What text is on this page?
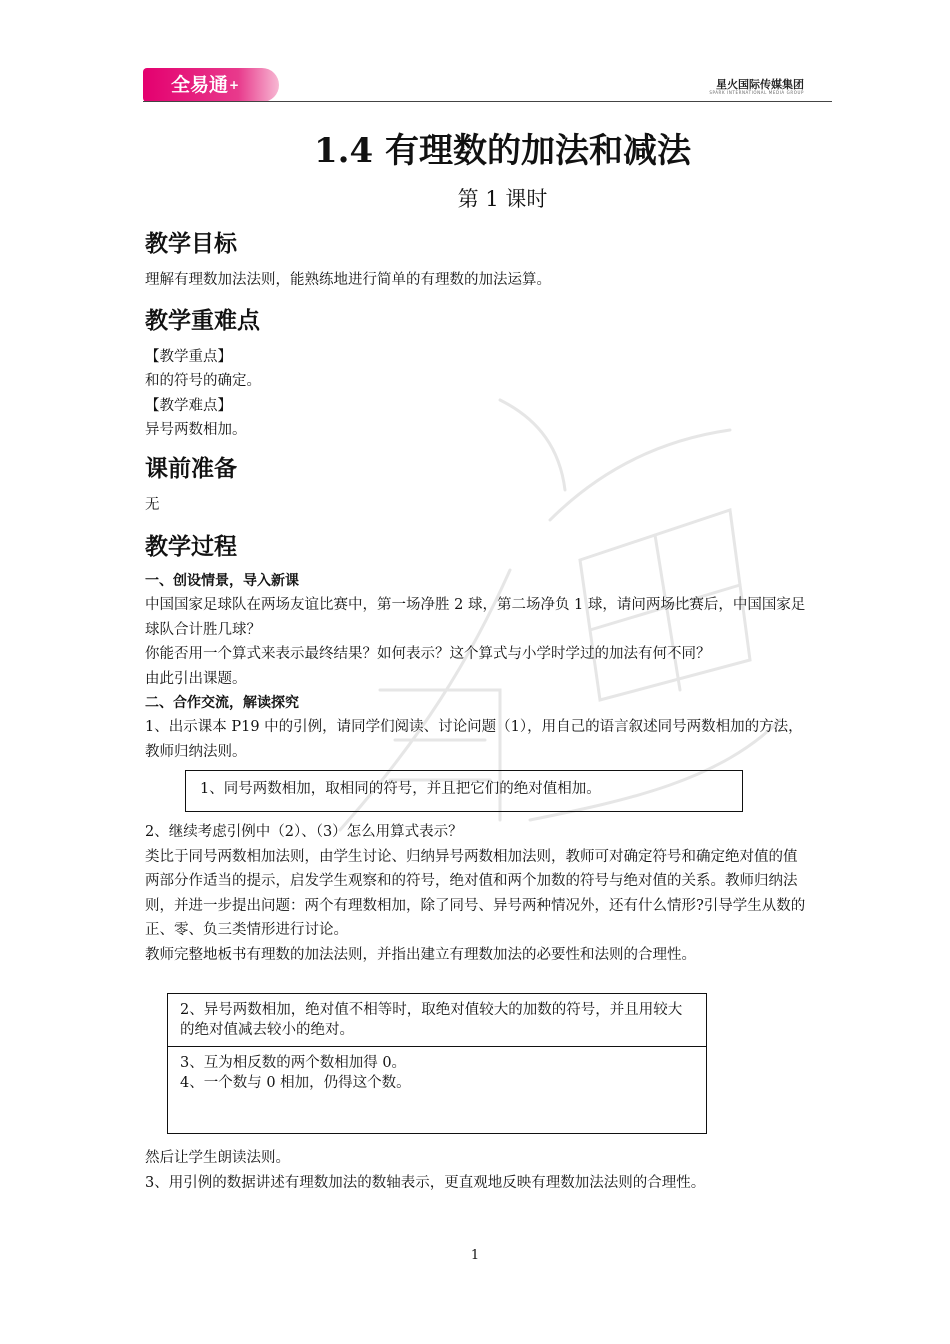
全易通+	星火国际传媒集团
SPARK INTERNATIONAL MEDIA GROUP
1.4 有理数的加法和减法
第 1 课时
教学目标

理解有理数加法法则，能熟练地进行简单的有理数的加法运算。

教学重难点

【教学重点】

和的符号的确定。

【教学难点】

异号两数相加。

课前准备

无

教学过程
一、创设情景，导入新课

中国国家足球队在两场友谊比赛中，第一场净胜 2 球，第二场净负 1 球，请问两场比赛后，中国国家足球队合计胜几球？

你能否用一个算式来表示最终结果？如何表示？这个算式与小学时学过的加法有何不同？

由此引出课题。

二、合作交流，解读探究

1、出示课本 P19 中的引例，请同学们阅读、讨论问题（1），用自己的语言叙述同号两数相加的方法，教师归纳法则。

1、同号两数相加，取相同的符号，并且把它们的绝对值相加。

2、继续考虑引例中（2）、（3）怎么用算式表示？

类比于同号两数相加法则，由学生讨论、归纳异号两数相加法则，教师可对确定符号和确定绝对值的值两部分作适当的提示，启发学生观察和的符号，绝对值和两个加数的符号与绝对值的关系。教师归纳法则，并进一步提出问题：两个有理数相加，除了同号、异号两种情况外，还有什么情形?引导学生从数的正、零、负三类情形进行讨论。

教师完整地板书有理数的加法法则，并指出建立有理数加法的必要性和法则的合理性。

2、异号两数相加，绝对值不相等时，取绝对值较大的加数的符号，并且用较大的绝对值减去较小的绝对。
3、互为相反数的两个数相加得 0。
4、一个数与 0 相加，仍得这个数。

然后让学生朗读法则。

3、用引例的数据讲述有理数加法的数轴表示，更直观地反映有理数加法法则的合理性。

1
